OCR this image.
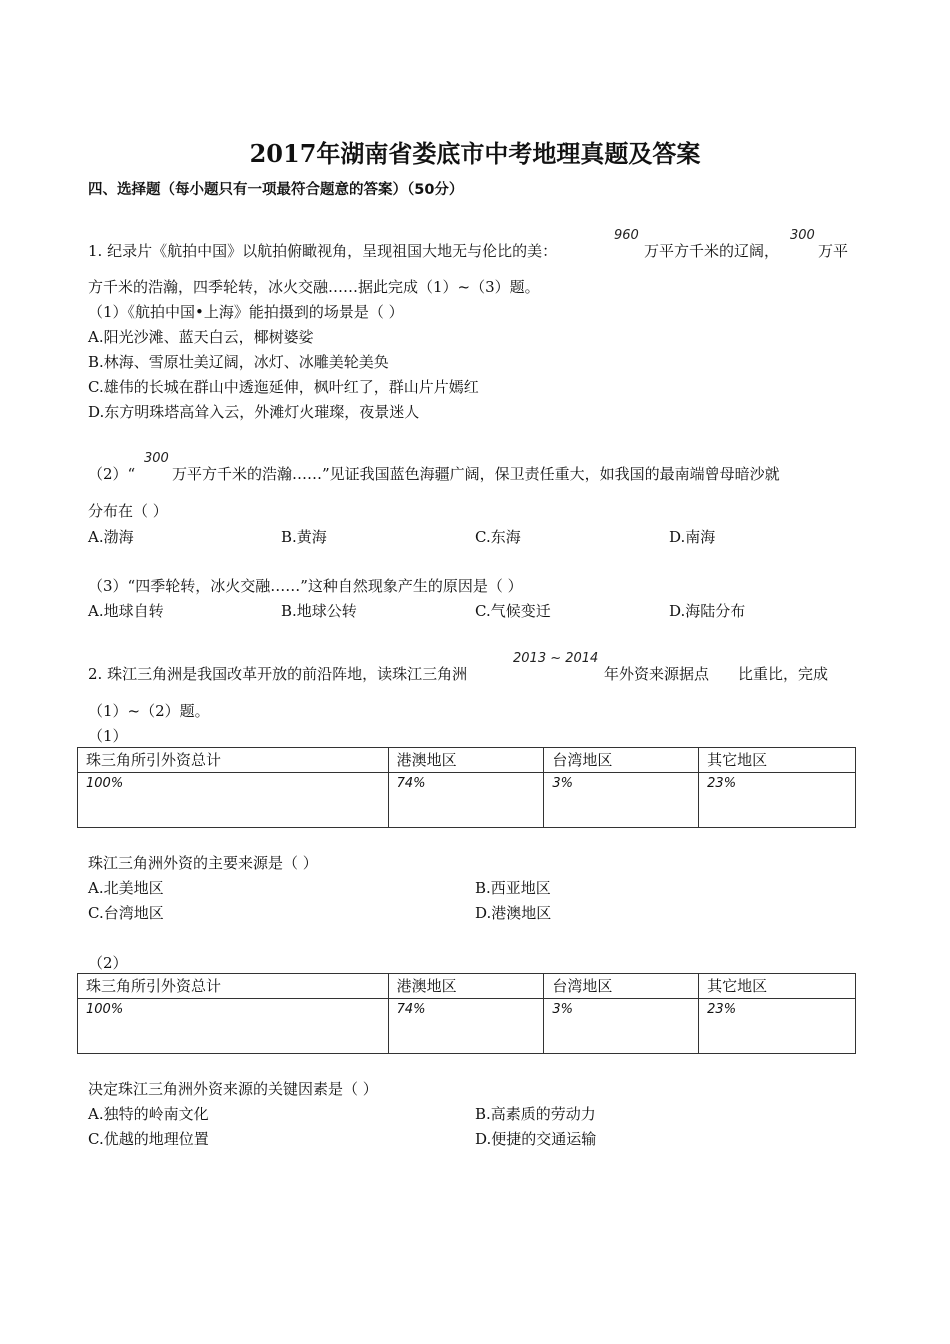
2017年湖南省娄底市中考地理真题及答案
四、选择题（每小题只有一项最符合题意的答案）（50分）
1. 纪录片《航拍中国》以航拍俯瞰视角，呈现祖国大地无与伦比的美：
960
万平方千米的辽阔，
300
万平
方千米的浩瀚，四季轮转，冰火交融……据此完成（1）~（3）题。
（1）《航拍中国•上海》能拍摄到的场景是（ ）
A.阳光沙滩、蓝天白云，椰树婆娑
B.林海、雪原壮美辽阔，冰灯、冰雕美轮美奂
C.雄伟的长城在群山中透迤延伸，枫叶红了，群山片片嫣红
D.东方明珠塔高耸入云，外滩灯火璀璨，夜景迷人
（2）“
300
万平方千米的浩瀚……”见证我国蓝色海疆广阔，保卫责任重大，如我国的最南端曾母暗沙就
分布在（ ）
A.渤海	B.黄海	C.东海	D.南海
（3）“四季轮转，冰火交融……”这种自然现象产生的原因是（ ）
A.地球自转	B.地球公转	C.气候变迁	D.海陆分布
2. 珠江三角洲是我国改革开放的前沿阵地，读珠江三角洲
2013 ~ 2014
年外资来源据点 比重比，完成
（1）~（2）题。
（1）
珠三角所引外资总计	港澳地区	台湾地区	其它地区
100%	74%	3%	23%
珠江三角洲外资的主要来源是（ ）
A.北美地区	B.西亚地区
C.台湾地区	D.港澳地区
（2）
珠三角所引外资总计	港澳地区	台湾地区	其它地区
100%	74%	3%	23%
决定珠江三角洲外资来源的关键因素是（ ）
A.独特的岭南文化	B.高素质的劳动力
C.优越的地理位置	D.便捷的交通运输
